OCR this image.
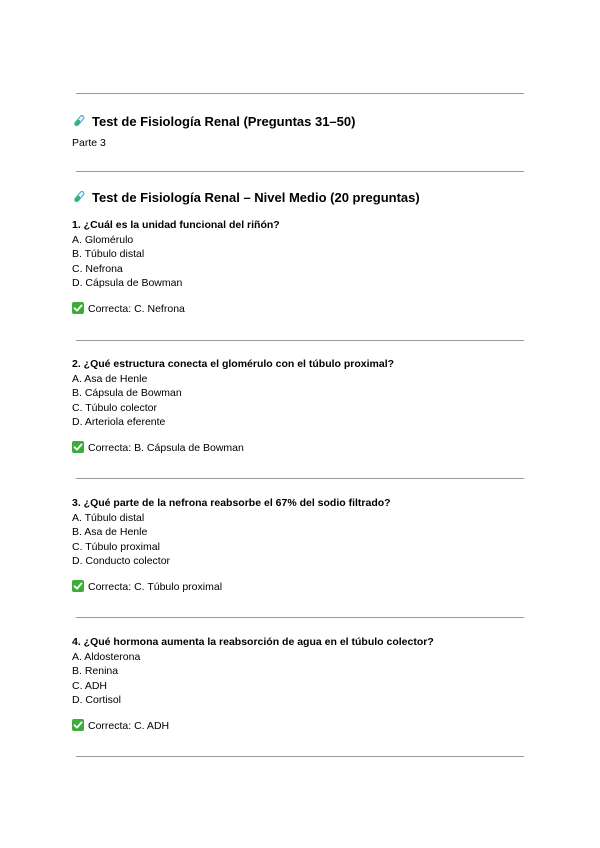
Test de Fisiología Renal (Preguntas 31–50)
Parte 3
Test de Fisiología Renal – Nivel Medio (20 preguntas)
1. ¿Cuál es la unidad funcional del riñón?
A. Glomérulo
B. Túbulo distal
C. Nefrona
D. Cápsula de Bowman
Correcta: C. Nefrona
2. ¿Qué estructura conecta el glomérulo con el túbulo proximal?
A. Asa de Henle
B. Cápsula de Bowman
C. Túbulo colector
D. Arteriola eferente
Correcta: B. Cápsula de Bowman
3. ¿Qué parte de la nefrona reabsorbe el 67% del sodio filtrado?
A. Túbulo distal
B. Asa de Henle
C. Túbulo proximal
D. Conducto colector
Correcta: C. Túbulo proximal
4. ¿Qué hormona aumenta la reabsorción de agua en el túbulo colector?
A. Aldosterona
B. Renina
C. ADH
D. Cortisol
Correcta: C. ADH
